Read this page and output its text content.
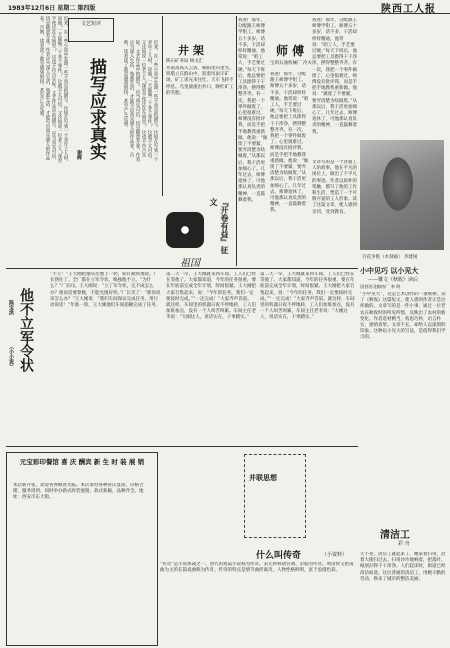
1983年12月6日 星期二 第四版	陕西工人报
近来，在一些小说中发现一些不真实的描写。比如在写到一个青年工人时，说他“一天能做二十多个零件”，这就不太可信。又比如说一位老工人“深更半夜还在车间里”，这也不符合实际。文艺作品中的描写，应当真实可信，切忌随意夸张。作者应当深入生活，熟悉生活，才能写出真实感人的作品来。否则，读者读了就会感到别扭，甚至产生反感。	文艺短评
描写应求真实
谢辉	近来，在一些小说中发现一些不真实的描写。比如在写到一个青年工人时，说他“一天能做二十多个零件”，这就不太可信。又比如说一位老工人“深更半夜还在车间里”，这也不符合实际。文艺作品中的描写，应当真实可信，切忌随意夸张。作者应当深入生活，熟悉生活，才能写出真实感人的作品来。否则，读者读了就会感到别扭，甚至产生反感。	井 架
陕石矿务局 杨文汇
井架高高入云霄，朝阳里闪金光。铁塔立在群山中，迎着风雨守矿场。矿工弟兄来往忙，天车飞转不停息。乌金滚滚出井口，映红矿工的笑脸。
『开卷有益』征文
祖国
我进厂那年，分配跟王师傅学钳工。师傅五十多岁，话不多，干活却样样精通。他常说：“咱工人，手艺要过硬。”每天下班后，他总要把工具擦得干干净净，摆得整整齐齐。有一次，我把一个零件做废了，心里很难过。师傅没有批评我，而是手把手地教我重新做。他说：“做废了不要紧，要弄清楚为啥做废。”从那以后，我干活更加细心了。几年过去，师傅退休了，可他那认真负责的精神，一直鼓舞着我。
师 傅
宝鸡石油机械厂 冷夫
我进厂那年，分配跟王师傅学钳工。师傅五十多岁，话不多，干活却样样精通。他常说：“咱工人，手艺要过硬。”每天下班后，他总要把工具擦得干干净净，摆得整整齐齐。有一次，我把一个零件做废了，心里很难过。师傅没有批评我，而是手把手地教我重新做。他说：“做废了不要紧，要弄清楚为啥做废。”从那以后，我干活更加细心了。几年过去，师傅退休了，可他那认真负责的精神，一直鼓舞着我。
我进厂那年，分配跟王师傅学钳工。师傅五十多岁，话不多，干活却样样精通。他常说：“咱工人，手艺要过硬。”每天下班后，他总要把工具擦得干干净净，摆得整整齐齐。有一次，我把一个零件做废了，心里很难过。师傅没有批评我，而是手把手地教我重新做。他说：“做废了不要紧，要弄清楚为啥做废。”从那以后，我干活更加细心了。几年过去，师傅退休了，可他那认真负责的精神，一直鼓舞着我。
百花争艳（木刻画） 李建国
小中见巧 以小见大
——雕文《秋收》读后
国营西北棉纺厂 李 明
“小中见大”，这是艺术创作的一条规律。读了《秋收》这篇短文，使人感到作者正是这样做的。文章写的是一件小事，通过一位老农在秋收时的所见所想，反映出了农村的新变化。作者选材精当，构思巧妙，语言朴实，感情真挚。文章不长，却给人以深刻的印象。这种以小见大的写法，是值得我们学习的。
文章写的是一个普通工人的故事。他在平凡的岗位上，做出了不平凡的事迹。作者以质朴的笔触，描写了他的工作和生活，塑造了一个可敬可爱的工人形象。读了这篇文章，使人感到亲切，受到教育。
他不立军令状
陈宝洪
（小小说）
“不立！”王大刚把烟头往地上一扔，斩钉截铁地说。厂长愣住了。全厂都在立军令状，唯独他不立。“为什么？”厂长问。王大刚说：“立了军令状，完不成怎么办？咱说话要算数，不能光图好听。”厂长笑了：“那你说该怎么办？”王大刚说：“我们车间保证完成任务，用行动说话！”年底一算，王大刚他们车间超额完成了任务。
第二天一早，王大刚就来到车间。工人们已经在等他了。大家都知道，今年的任务很重，要在年底前完成全年计划，时间很紧。王大刚把大家召集起来，说：“今年的任务，我们一定要按时完成。”“一定完成！”大家齐声答道。就这样，车间里的机器日夜不停地转，工人们加班加点，没有一个人叫苦叫累。车间主任老李说：“大刚这人，说话实在，干事踏实。”
第二天一早，王大刚就来到车间。工人们已经在等他了。大家都知道，今年的任务很重，要在年底前完成全年计划，时间很紧。王大刚把大家召集起来，说：“今年的任务，我们一定要按时完成。”“一定完成！”大家齐声答道。就这样，车间里的机器日夜不停地转，工人们加班加点，没有一个人叫苦叫累。车间主任老李说：“大刚这人，说话实在，干事踏实。”
元宝彩印餐馆 喜 庆 酬宾 新 生 时 装 展 销
本店新开张，欢迎各界顾客光临。本店承办各种喜庆宴席，价格合理，服务周到。同时举办新式时装展销，款式新颖，品种齐全。地址：西安市东大街。
什么叫传奇	（小资料）
“传奇”是小说体裁之一。唐代的短篇小说称为传奇。宋元时称诸宫调、杂剧为传奇。明清时又把南曲为主的长篇戏曲称为传奇。传奇的特点是情节曲折离奇，人物性格鲜明，富于浪漫色彩。
并联思想
清洁工
彩 舟
天不亮，清洁工就起来了。她拿着扫帚，沿着大街扫过去。扫帚沙沙地响着，把落叶、纸屑扫得干干净净。人们起床时，街道已经清洁如洗。这位普通的清洁工，用她辛勤的劳动，换来了城市的整洁美丽。
